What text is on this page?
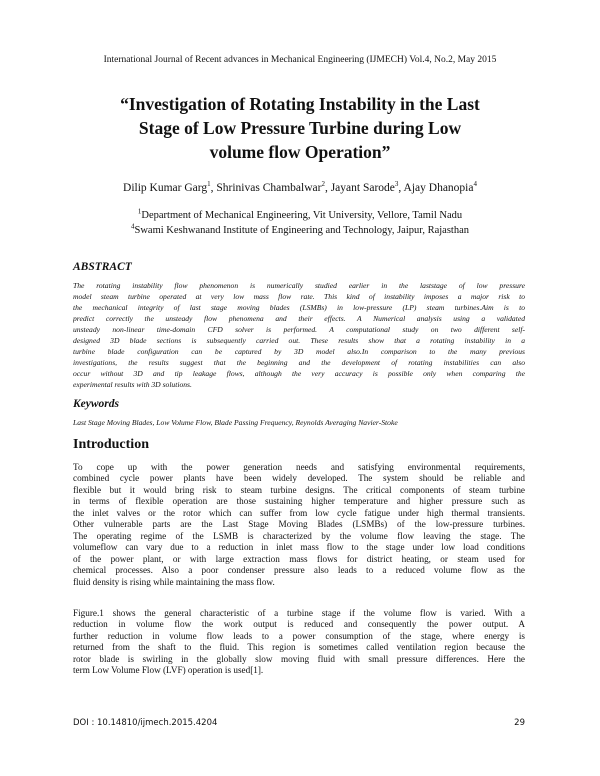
International Journal of Recent advances in Mechanical Engineering (IJMECH) Vol.4, No.2, May 2015
“Investigation of Rotating Instability in the Last
Stage of Low Pressure Turbine during Low
volume flow Operation”
Dilip Kumar Garg$^1$, Shrinivas Chambalwar$^2$, Jayant Sarode$^3$, Ajay Dhanopia$^4$
$^1$Department of Mechanical Engineering, Vit University, Vellore, Tamil Nadu
$^4$Swami Keshwanand Institute of Engineering and Technology, Jaipur, Rajasthan
ABSTRACT
The rotating instability flow phenomenon is numerically studied earlier in the laststage of low pressure
model steam turbine operated at very low mass flow rate. This kind of instability imposes a major risk to
the mechanical integrity of last stage moving blades (LSMBs) in low-pressure (LP) steam turbines.Aim is to
predict correctly the unsteady flow phenomena and their effects. A Numerical analysis using a validated
unsteady non-linear time-domain CFD solver is performed. A computational study on two different self-
designed 3D blade sections is subsequently carried out. These results show that a rotating instability in a
turbine blade configuration can be captured by 3D model also.In comparison to the many previous
investigations, the results suggest that the beginning and the development of rotating instabilities can also
occur without 3D and tip leakage flows, although the very accuracy is possible only when comparing the
experimental results with 3D solutions.
Keywords
Last Stage Moving Blades, Low Volume Flow, Blade Passing Frequency, Reynolds Averaging Navier-Stoke
Introduction
To cope up with the power generation needs and satisfying environmental requirements,
combined cycle power plants have been widely developed. The system should be reliable and
flexible but it would bring risk to steam turbine designs. The critical components of steam turbine
in terms of flexible operation are those sustaining higher temperature and higher pressure such as
the inlet valves or the rotor which can suffer from low cycle fatigue under high thermal transients.
Other vulnerable parts are the Last Stage Moving Blades (LSMBs) of the low-pressure turbines.
The operating regime of the LSMB is characterized by the volume flow leaving the stage. The
volumeflow can vary due to a reduction in inlet mass flow to the stage under low load conditions
of the power plant, or with large extraction mass flows for district heating, or steam used for
chemical processes. Also a poor condenser pressure also leads to a reduced volume flow as the
fluid density is rising while maintaining the mass flow.
Figure.1 shows the general characteristic of a turbine stage if the volume flow is varied. With a
reduction in volume flow the work output is reduced and consequently the power output. A
further reduction in volume flow leads to a power consumption of the stage, where energy is
returned from the shaft to the fluid. This region is sometimes called ventilation region because the
rotor blade is swirling in the globally slow moving fluid with small pressure differences. Here the
term Low Volume Flow (LVF) operation is used[1].
DOI : 10.14810/ijmech.2015.4204	29
